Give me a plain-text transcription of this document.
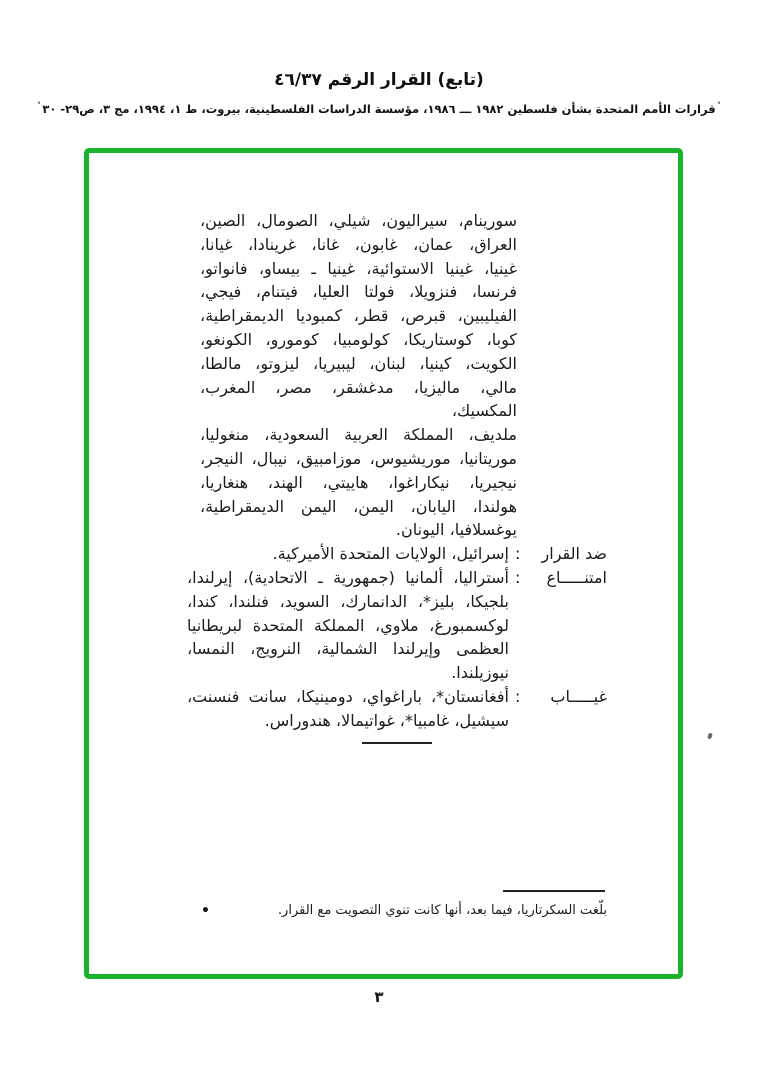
(تابع) القرار الرقم ٤٦/٣٧
'قرارات الأمم المتحدة بشأن فلسطين ١٩٨٢ ـــ ١٩٨٦، مؤسسة الدراسات الفلسطينية، بيروت، ط ١، ١٩٩٤، مج ٣، ص٢٩- ٣٠'
سورينام، سيراليون، شيلي، الصومال، الصين،
العراق، عمان، غابون، غانا، غرينادا، غيانا،
غينيا، غينيا الاستوائية، غينيا ـ بيساو، فانواتو،
فرنسا، فنزويلا، فولتا العليا، فيتنام، فيجي،
الفيليبين، قبرص، قطر، كمبوديا الديمقراطية،
كوبا، كوستاريكا، كولومبيا، كومورو، الكونغو،
الكويت، كينيا، لبنان، ليبيريا، ليزوتو، مالطا،
مالي، ماليزيا، مدغشقر، مصر، المغرب، المكسيك،
ملديف، المملكة العربية السعودية، منغوليا،
موريتانيا، موريشيوس، موزامبيق، نيبال، النيجر،
نيجيريا، نيكاراغوا، هاييتي، الهند، هنغاريا،
هولندا، اليابان، اليمن، اليمن الديمقراطية،
يوغسلافيا، اليونان.
ضد القرار
:
إسرائيل، الولايات المتحدة الأميركية.
امتنـــــاع
:
أستراليا، ألمانيا (جمهورية ـ الاتحادية)، إيرلندا،
بلجيكا، بليز*، الدانمارك، السويد، فنلندا، كندا،
لوكسمبورغ، ملاوي، المملكة المتحدة لبريطانيا
العظمى وإيرلندا الشمالية، النرويج، النمسا،
نيوزيلندا.
غيـــــاب
:
أفغانستان*، باراغواي، دومينيكا، سانت فنسنت،
سيشيل، غامبيا*، غواتيمالا، هندوراس.
•	بلّغت السكرتاريا، فيما بعد، أنها كانت تنوي التصويت مع القرار.
٣
